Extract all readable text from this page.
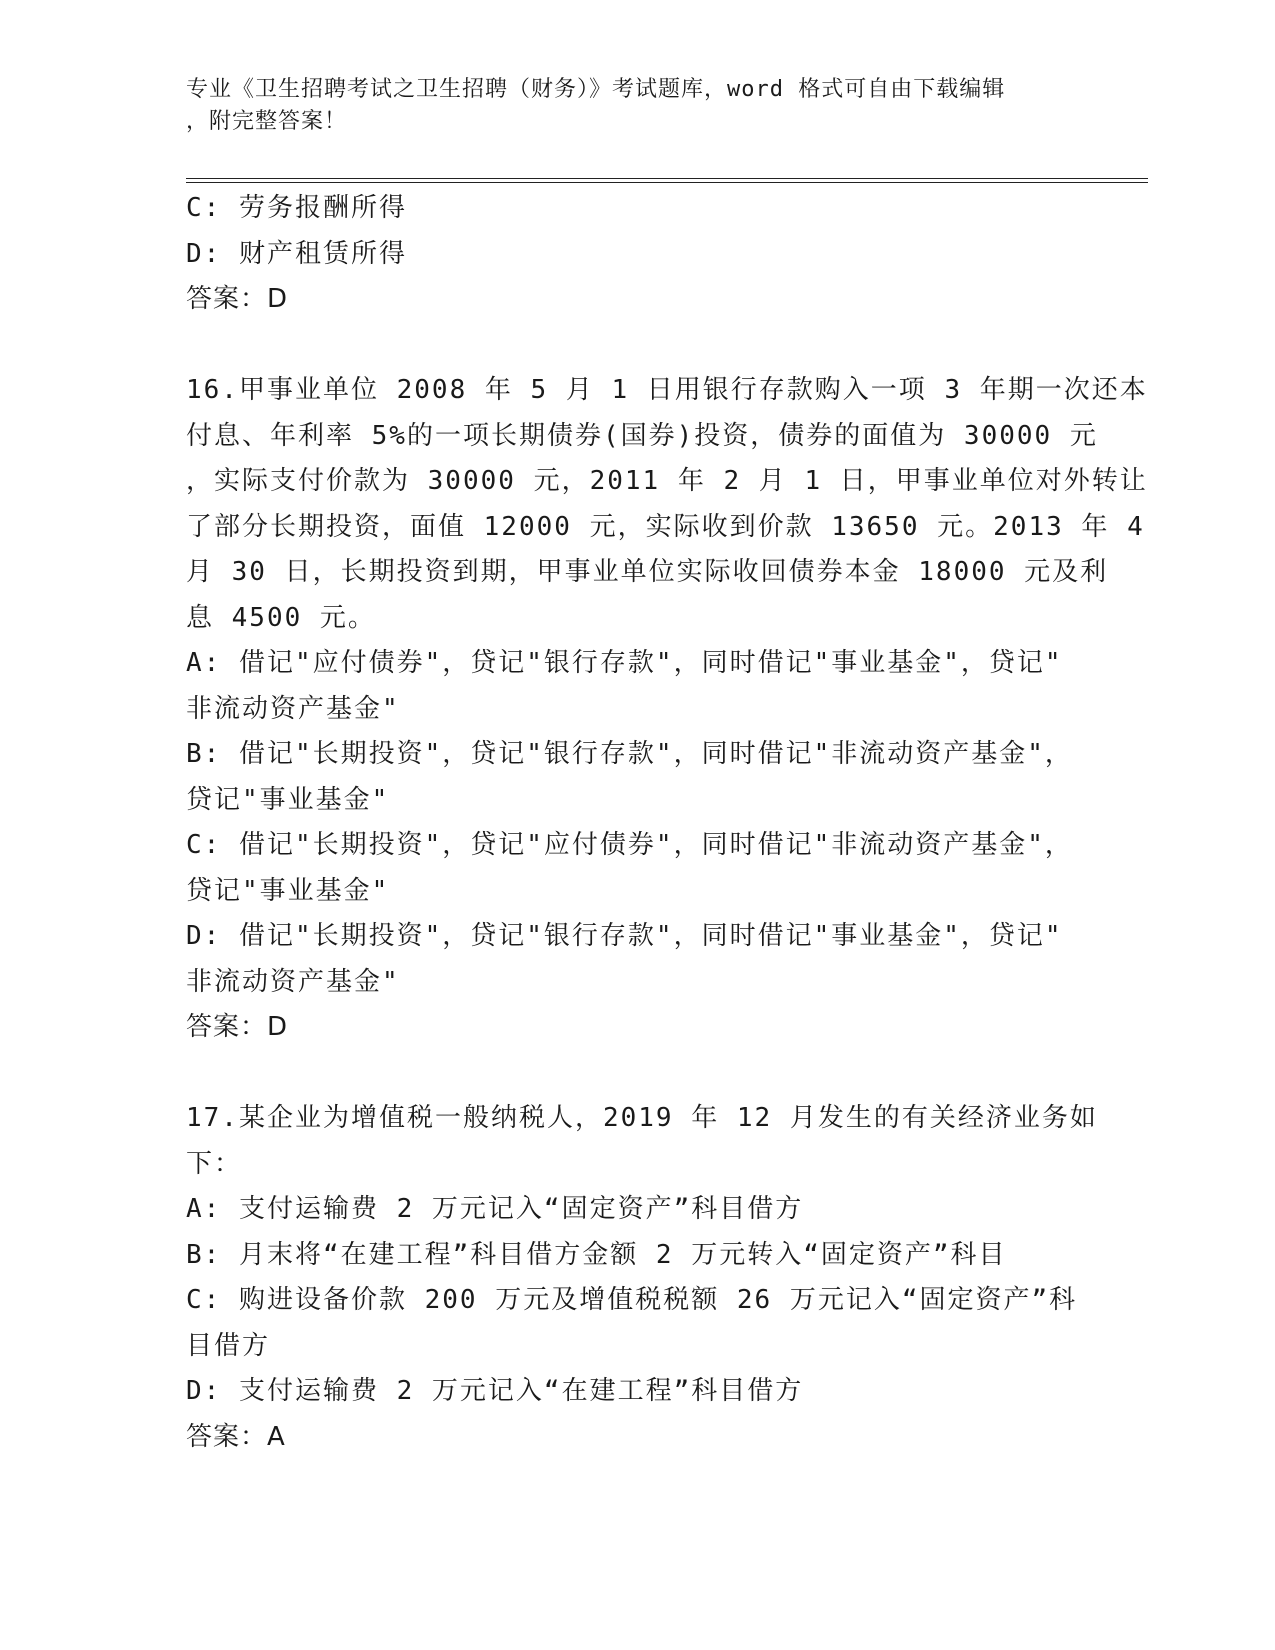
专业《卫生招聘考试之卫生招聘（财务）》考试题库，word 格式可自由下载编辑
，附完整答案！
C: 劳务报酬所得
D: 财产租赁所得
答案：D
16.甲事业单位 2008 年 5 月 1 日用银行存款购入一项 3 年期一次还本
付息、年利率 5%的一项长期债券(国券)投资，债券的面值为 30000 元
，实际支付价款为 30000 元，2011 年 2 月 1 日，甲事业单位对外转让
了部分长期投资，面值 12000 元，实际收到价款 13650 元。2013 年 4
月 30 日，长期投资到期，甲事业单位实际收回债券本金 18000 元及利
息 4500 元。
A: 借记"应付债券"，贷记"银行存款"，同时借记"事业基金"，贷记"
非流动资产基金"
B: 借记"长期投资"，贷记"银行存款"，同时借记"非流动资产基金"，
贷记"事业基金"
C: 借记"长期投资"，贷记"应付债券"，同时借记"非流动资产基金"，
贷记"事业基金"
D: 借记"长期投资"，贷记"银行存款"，同时借记"事业基金"，贷记"
非流动资产基金"
答案：D
17.某企业为增值税一般纳税人，2019 年 12 月发生的有关经济业务如
下：
A: 支付运输费 2 万元记入“固定资产”科目借方
B: 月末将“在建工程”科目借方金额 2 万元转入“固定资产”科目
C: 购进设备价款 200 万元及增值税税额 26 万元记入“固定资产”科
目借方
D: 支付运输费 2 万元记入“在建工程”科目借方
答案：A
